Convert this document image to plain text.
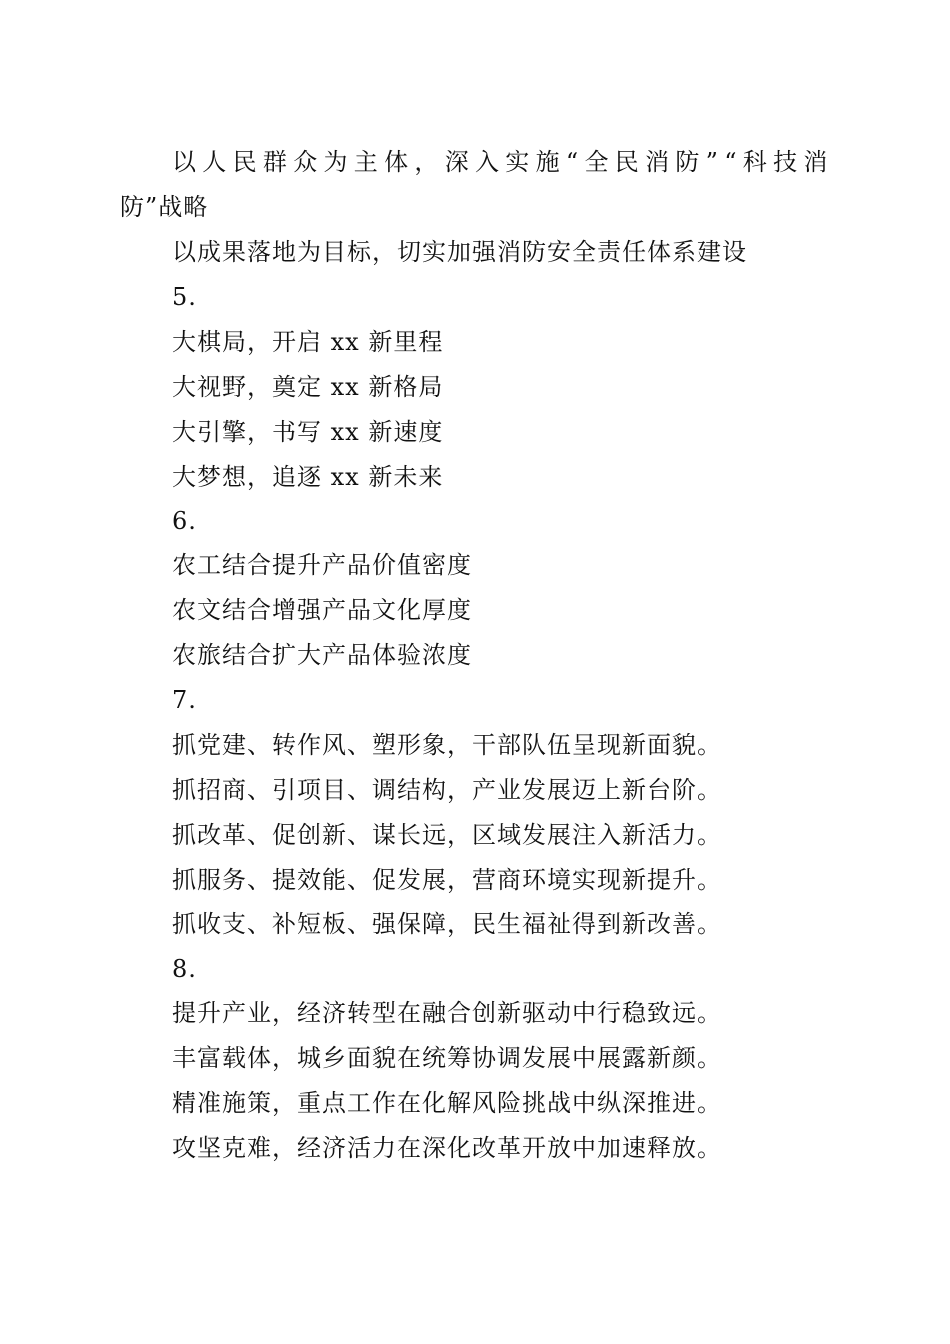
以人民群众为主体，深入实施“全民消防”“科技消
防”战略
以成果落地为目标，切实加强消防安全责任体系建设
5.
大棋局，开启 xx 新里程
大视野，奠定 xx 新格局
大引擎，书写 xx 新速度
大梦想，追逐 xx 新未来
6.
农工结合提升产品价值密度
农文结合增强产品文化厚度
农旅结合扩大产品体验浓度
7.
抓党建、转作风、塑形象，干部队伍呈现新面貌。
抓招商、引项目、调结构，产业发展迈上新台阶。
抓改革、促创新、谋长远，区域发展注入新活力。
抓服务、提效能、促发展，营商环境实现新提升。
抓收支、补短板、强保障，民生福祉得到新改善。
8.
提升产业，经济转型在融合创新驱动中行稳致远。
丰富载体，城乡面貌在统筹协调发展中展露新颜。
精准施策，重点工作在化解风险挑战中纵深推进。
攻坚克难，经济活力在深化改革开放中加速释放。
